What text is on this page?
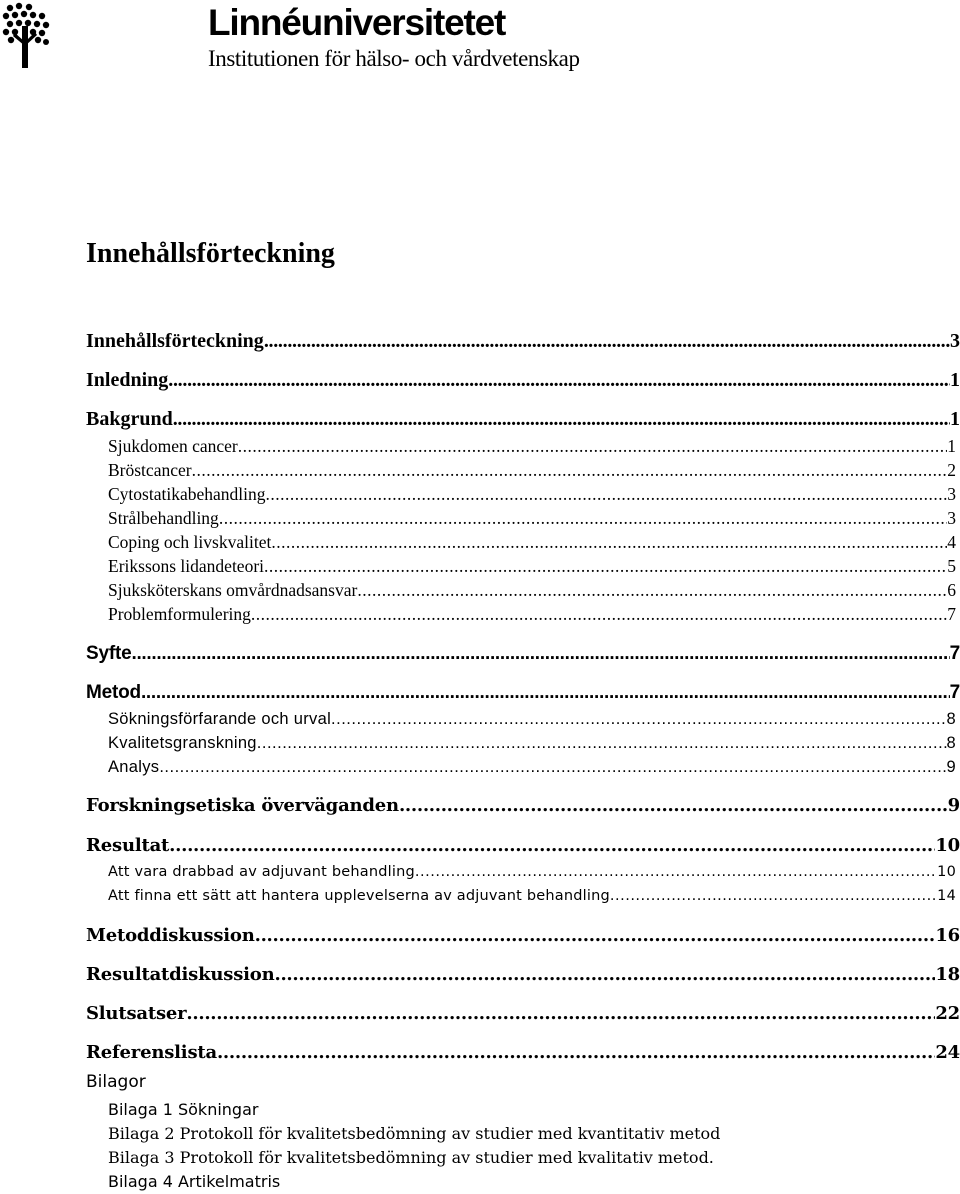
Linnéuniversitetet
Institutionen för hälso- och vårdvetenskap
Innehållsförteckning
Innehållsförteckning .....	3
Inledning .....	1
Bakgrund .....	1
Sjukdomen cancer .....	1
Bröstcancer .....	2
Cytostatikabehandling .....	3
Strålbehandling .....	3
Coping och livskvalitet .....	4
Erikssons lidandeteori .....	5
Sjuksköterskans omvårdnadsansvar .....	6
Problemformulering .....	7
Syfte .....	7
Metod .....	7
Sökningsförfarande och urval .....	8
Kvalitetsgranskning .....	8
Analys .....	9
Forskningsetiska överväganden .....	9
Resultat .....	10
Att vara drabbad av adjuvant behandling .....	10
Att finna ett sätt att hantera upplevelserna av adjuvant behandling .....	14
Metoddiskussion .....	16
Resultatdiskussion .....	18
Slutsatser .....	22
Referenslista .....	24
Bilagor
Bilaga 1 Sökningar
Bilaga 2 Protokoll för kvalitetsbedömning av studier med kvantitativ metod
Bilaga 3 Protokoll för kvalitetsbedömning av studier med kvalitativ metod.
Bilaga 4 Artikelmatris
